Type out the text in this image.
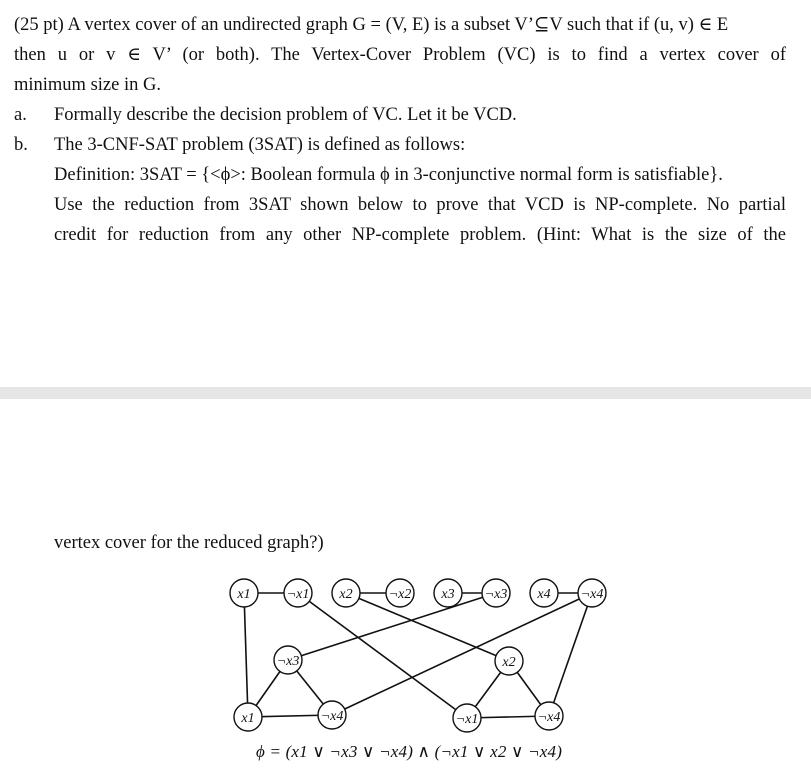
(25 pt) A vertex cover of an undirected graph G = (V, E) is a subset V’⊆V such that if (u, v) ∈ E
then u or v ∈ V’ (or both). The Vertex-Cover Problem (VC) is to find a vertex cover of
minimum size in G.
a. Formally describe the decision problem of VC. Let it be VCD.
b. The 3-CNF-SAT problem (3SAT) is defined as follows:
Definition: 3SAT = {<ϕ>: Boolean formula ϕ in 3-conjunctive normal form is satisfiable}.
Use the reduction from 3SAT shown below to prove that VCD is NP-complete. No partial
credit for reduction from any other NP-complete problem. (Hint: What is the size of the
vertex cover for the reduced graph?)
x1	¬x1 x2	¬x2 x3 ¬x3 x4 ¬x4
¬x3
x1	¬x4
x2
¬x1	¬x4
ϕ = (x1 ∨ ¬x3 ∨ ¬x4) ∧ (¬x1 ∨ x2 ∨ ¬x4)
